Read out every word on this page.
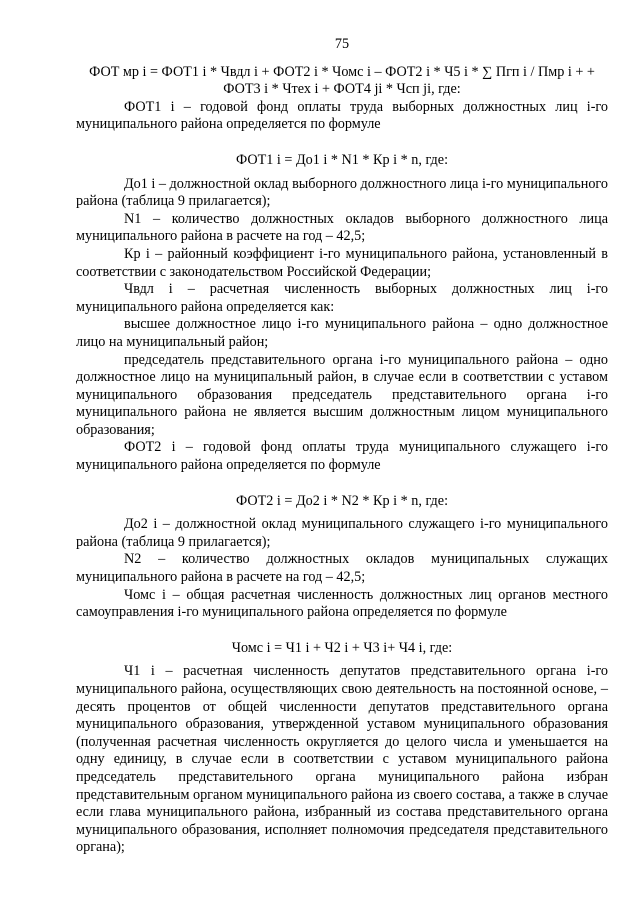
75

ФОТ мр i = ФОТ1 i * Чвдл i + ФОТ2 i * Чомс i – ФОТ2 i * Ч5 i * ∑ Пгп i / Пмр i + + ФОТ3 i * Чтех i + ФОТ4 ji * Чсп ji, где:

ФОТ1 i – годовой фонд оплаты труда выборных должностных лиц i-го муниципального района определяется по формуле

ФОТ1 i = До1 i * N1 * Кр i * n, где:

До1 i – должностной оклад выборного должностного лица i-го муниципального района (таблица 9 прилагается);

N1 – количество должностных окладов выборного должностного лица муниципального района в расчете на год – 42,5;

Кр i – районный коэффициент i-го муниципального района, установленный в соответствии с законодательством Российской Федерации;

Чвдл i – расчетная численность выборных должностных лиц i-го муниципального района определяется как:

высшее должностное лицо i-го муниципального района – одно должностное лицо на муниципальный район;

председатель представительного органа i-го муниципального района – одно должностное лицо на муниципальный район, в случае если в соответствии с уставом муниципального образования председатель представительного органа i-го муниципального района не является высшим должностным лицом муниципального образования;

ФОТ2 i – годовой фонд оплаты труда муниципального служащего i-го муниципального района определяется по формуле

ФОТ2 i = До2 i * N2 * Кр i * n, где:

До2 i – должностной оклад муниципального служащего i-го муниципального района (таблица 9 прилагается);

N2 – количество должностных окладов муниципальных служащих муниципального района в расчете на год – 42,5;

Чомс i – общая расчетная численность должностных лиц органов местного самоуправления i-го муниципального района определяется по формуле

Чомс i = Ч1 i + Ч2 i + Ч3 i+ Ч4 i, где:

Ч1 i – расчетная численность депутатов представительного органа i-го муниципального района, осуществляющих свою деятельность на постоянной основе, – десять процентов от общей численности депутатов представительного органа муниципального образования, утвержденной уставом муниципального образования (полученная расчетная численность округляется до целого числа и уменьшается на одну единицу, в случае если в соответствии с уставом муниципального района председатель представительного органа муниципального района избран представительным органом муниципального района из своего состава, а также в случае если глава муниципального района, избранный из состава представительного органа муниципального образования, исполняет полномочия председателя представительного органа);
